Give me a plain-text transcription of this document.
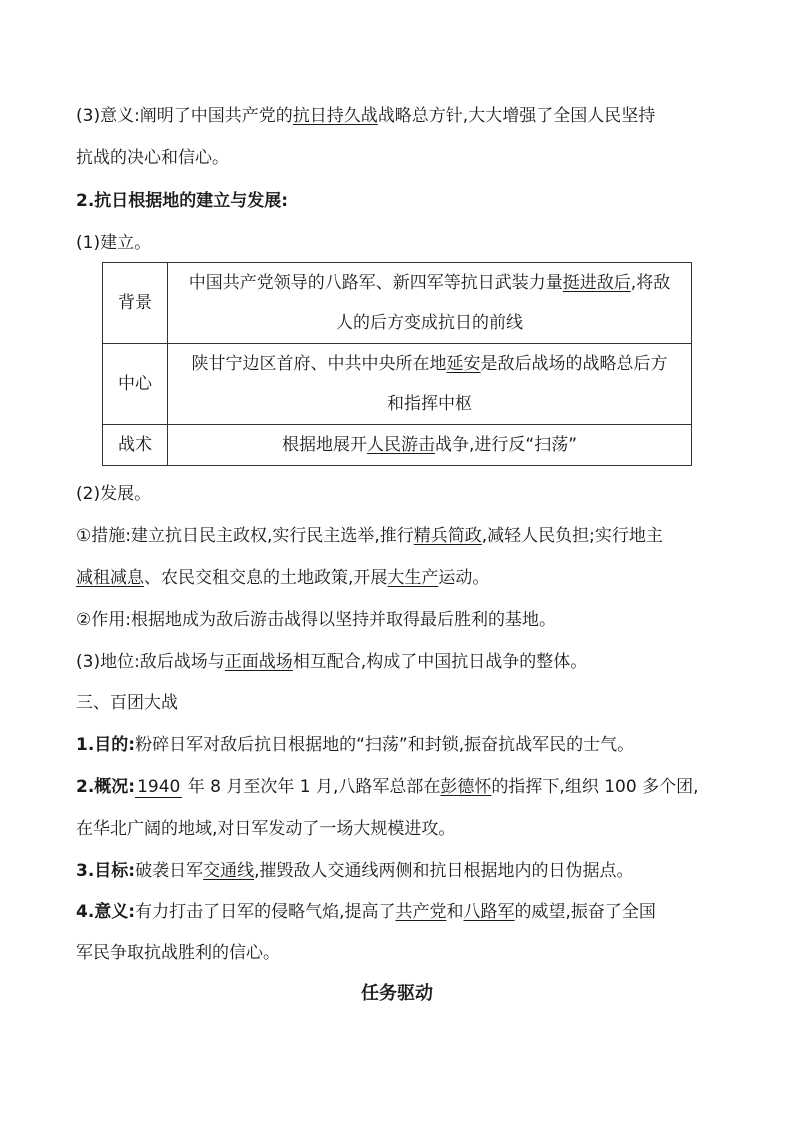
(3)意义:阐明了中国共产党的抗日持久战战略总方针,大大增强了全国人民坚持
抗战的决心和信心。
2.抗日根据地的建立与发展:
(1)建立。
背景	中国共产党领导的八路军、新四军等抗日武装力量挺进敌后,将敌
人的后方变成抗日的前线

中心	陕甘宁边区首府、中共中央所在地延安是敌后战场的战略总后方
和指挥中枢

战术	根据地展开人民游击战争,进行反“扫荡”
(2)发展。
①措施:建立抗日民主政权,实行民主选举,推行精兵简政,减轻人民负担;实行地主
减租减息、农民交租交息的土地政策,开展大生产运动。
②作用:根据地成为敌后游击战得以坚持并取得最后胜利的基地。
(3)地位:敌后战场与正面战场相互配合,构成了中国抗日战争的整体。
三、百团大战
1.目的:粉碎日军对敌后抗日根据地的“扫荡”和封锁,振奋抗战军民的士气。
2.概况: 1940 年 8 月至次年 1 月,八路军总部在彭德怀的指挥下,组织 100 多个团,
在华北广阔的地域,对日军发动了一场大规模进攻。
3.目标:破袭日军交通线,摧毁敌人交通线两侧和抗日根据地内的日伪据点。
4.意义:有力打击了日军的侵略气焰,提高了共产党和八路军的威望,振奋了全国
军民争取抗战胜利的信心。
任务驱动
